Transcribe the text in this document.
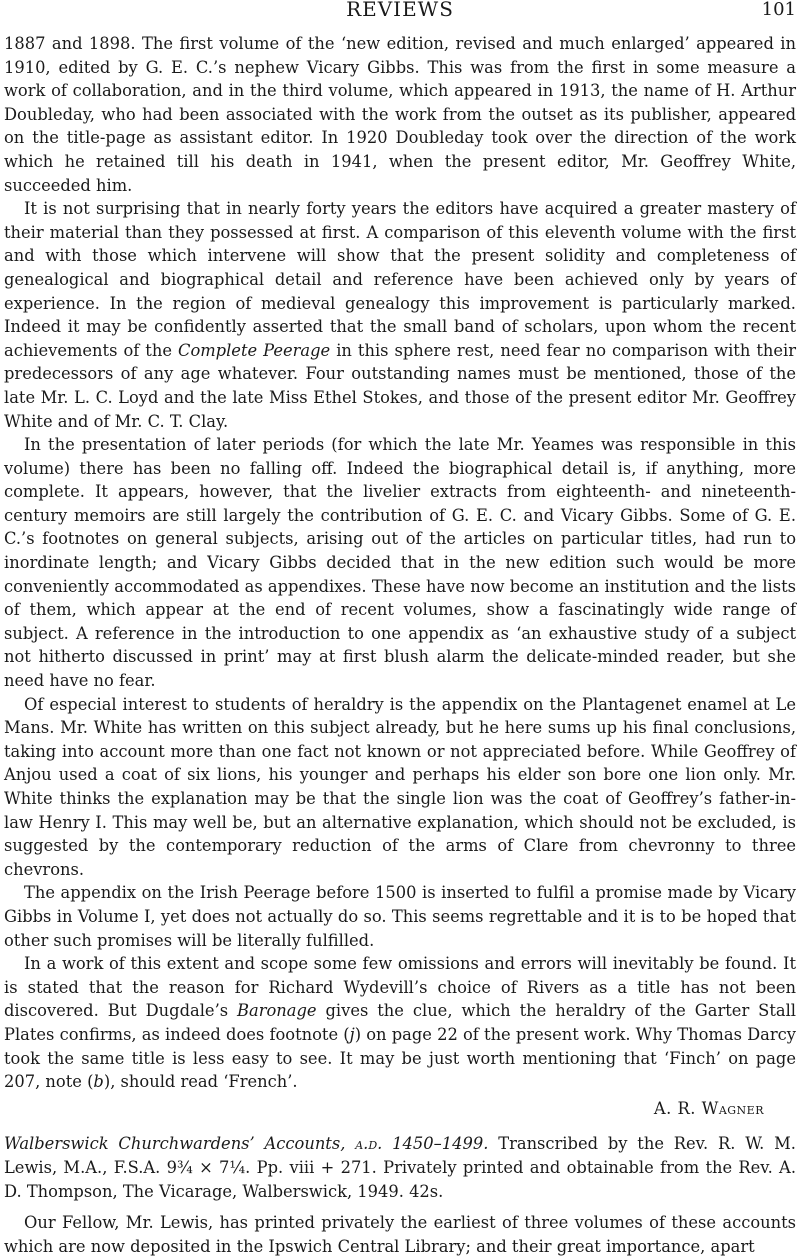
REVIEWS	101

1887 and 1898. The first volume of the ‘new edition, revised and much enlarged’ appeared in 1910, edited by G. E. C.’s nephew Vicary Gibbs. This was from the first in some measure a work of collaboration, and in the third volume, which appeared in 1913, the name of H. Arthur Doubleday, who had been associated with the work from the outset as its publisher, appeared on the title-page as assistant editor. In 1920 Doubleday took over the direction of the work which he retained till his death in 1941, when the present editor, Mr. Geoffrey White, succeeded him.

It is not surprising that in nearly forty years the editors have acquired a greater mastery of their material than they possessed at first. A comparison of this eleventh volume with the first and with those which intervene will show that the present solidity and completeness of genealogical and biographical detail and reference have been achieved only by years of experience. In the region of medieval genealogy this improvement is particularly marked. Indeed it may be confidently asserted that the small band of scholars, upon whom the recent achievements of the Complete Peerage in this sphere rest, need fear no comparison with their predecessors of any age whatever. Four outstanding names must be mentioned, those of the late Mr. L. C. Loyd and the late Miss Ethel Stokes, and those of the present editor Mr. Geoffrey White and of Mr. C. T. Clay.

In the presentation of later periods (for which the late Mr. Yeames was responsible in this volume) there has been no falling off. Indeed the biographical detail is, if anything, more complete. It appears, however, that the livelier extracts from eighteenth- and nineteenth-century memoirs are still largely the contribution of G. E. C. and Vicary Gibbs. Some of G. E. C.’s footnotes on general subjects, arising out of the articles on particular titles, had run to inordinate length; and Vicary Gibbs decided that in the new edition such would be more conveniently accommodated as appendixes. These have now become an institution and the lists of them, which appear at the end of recent volumes, show a fascinatingly wide range of subject. A reference in the introduction to one appendix as ‘an exhaustive study of a subject not hitherto discussed in print’ may at first blush alarm the delicate-minded reader, but she need have no fear.

Of especial interest to students of heraldry is the appendix on the Plantagenet enamel at Le Mans. Mr. White has written on this subject already, but he here sums up his final conclusions, taking into account more than one fact not known or not appreciated before. While Geoffrey of Anjou used a coat of six lions, his younger and perhaps his elder son bore one lion only. Mr. White thinks the explanation may be that the single lion was the coat of Geoffrey’s father-in-law Henry I. This may well be, but an alternative explanation, which should not be excluded, is suggested by the contemporary reduction of the arms of Clare from chevronny to three chevrons.

The appendix on the Irish Peerage before 1500 is inserted to fulfil a promise made by Vicary Gibbs in Volume I, yet does not actually do so. This seems regrettable and it is to be hoped that other such promises will be literally fulfilled.

In a work of this extent and scope some few omissions and errors will inevitably be found. It is stated that the reason for Richard Wydevill’s choice of Rivers as a title has not been discovered. But Dugdale’s Baronage gives the clue, which the heraldry of the Garter Stall Plates confirms, as indeed does footnote (j) on page 22 of the present work. Why Thomas Darcy took the same title is less easy to see. It may be just worth mentioning that ‘Finch’ on page 207, note (b), should read ‘French’.

A. R. Wagner

Walberswick Churchwardens’ Accounts, a.d. 1450–1499. Transcribed by the Rev. R. W. M. Lewis, M.A., F.S.A. 9¾ × 7¼. Pp. viii + 271. Privately printed and obtainable from the Rev. A. D. Thompson, The Vicarage, Walberswick, 1949. 42s.

Our Fellow, Mr. Lewis, has printed privately the earliest of three volumes of these accounts which are now deposited in the Ipswich Central Library; and their great importance, apart
